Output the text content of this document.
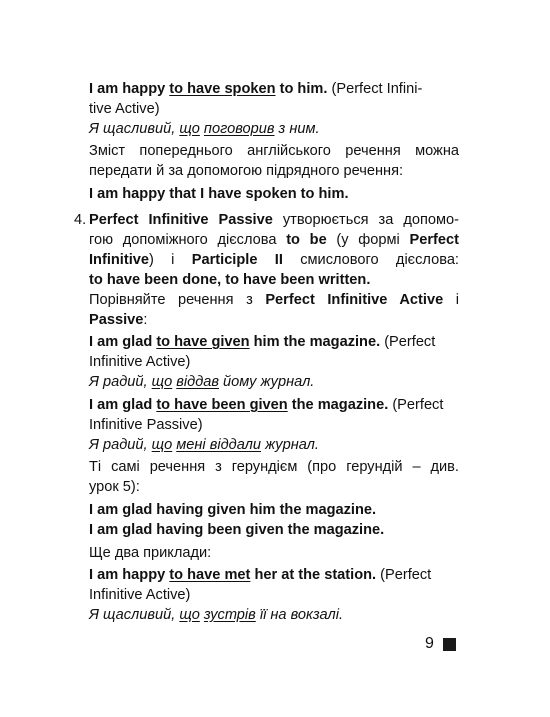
I am happy to have spoken to him. (Perfect Infini-
tive Active)
Я щасливий, що поговорив з ним.
Зміст попереднього англійського речення можна
передати й за допомогою підрядного речення:
I am happy that I have spoken to him.
4. Perfect Infinitive Passive утворюється за допомо-
гою допоміжного дієслова to be (у формі Perfect
Infinitive) і Participle II смислового дієслова:
to have been done, to have been written.
Порівняйте речення з Perfect Infinitive Active і
Passive:
I am glad to have given him the magazine. (Perfect
Infinitive Active)
Я радий, що віддав йому журнал.
I am glad to have been given the magazine. (Perfect
Infinitive Passive)
Я радий, що мені віддали журнал.
Ті самі речення з герундієм (про герундій – див.
урок 5):
I am glad having given him the magazine.
I am glad having been given the magazine.
Ще два приклади:
I am happy to have met her at the station. (Perfect
Infinitive Active)
Я щасливий, що зустрів її на вокзалі.
9
